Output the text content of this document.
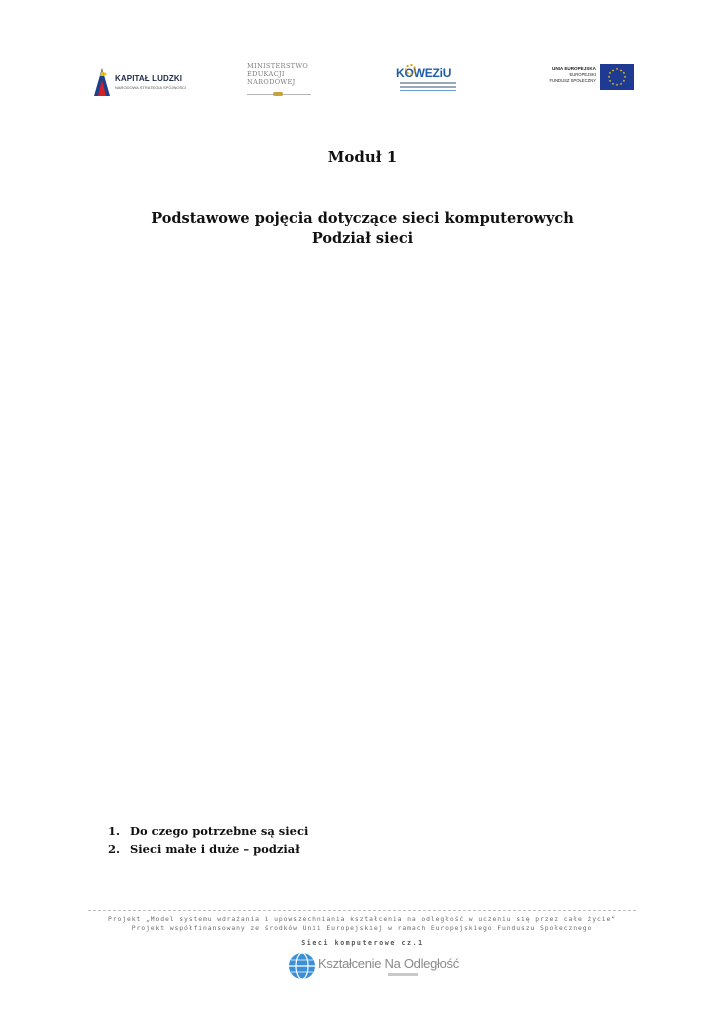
KAPITAŁ LUDZKI
NARODOWA STRATEGIA SPÓJNOŚCI
MINISTERSTWO
EDUKACJI
NARODOWEJ
KOWEZiU	UNIA EUROPEJSKA
EUROPEJSKI
FUNDUSZ SPOŁECZNY
★ ★
★
★
★
★
★
★
★
★
★
★
Moduł 1
Podstawowe pojęcia dotyczące sieci komputerowych
Podział sieci
1. Do czego potrzebne są sieci
2. Sieci małe i duże – podział
Projekt „Model systemu wdrażania i upowszechniania kształcenia na odległość w uczeniu się przez całe życie”
Projekt współfinansowany ze środków Unii Europejskiej w ramach Europejskiego Funduszu Społecznego
Sieci komputerowe cz.1
Kształcenie Na Odległość
